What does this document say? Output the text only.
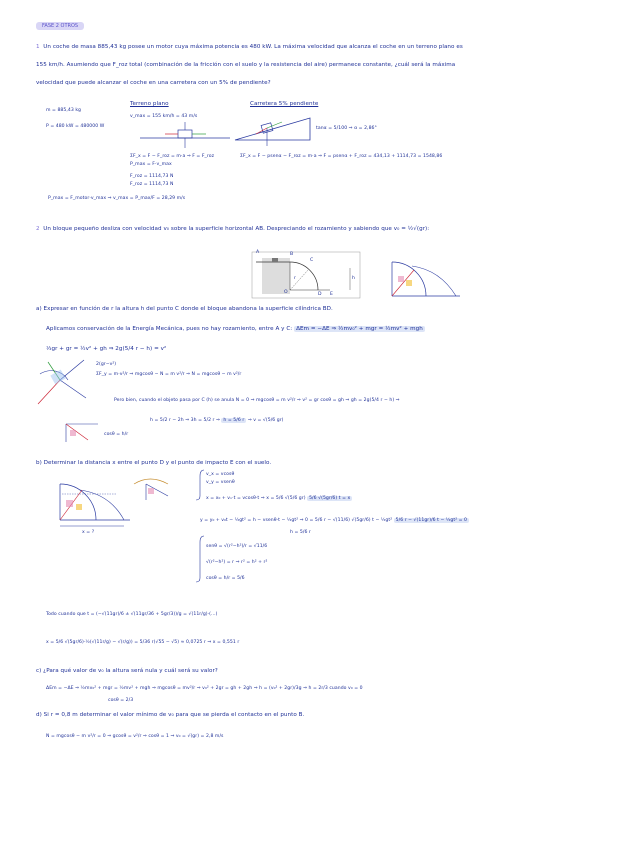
FASE 2 OTROS
1 Un coche de masa 885,43 kg posee un motor cuya máxima potencia es 480 kW. La máxima velocidad que alcanza el coche en un terreno plano es
155 km/h. Asumiendo que F_roz total (combinación de la fricción con el suelo y la resistencia del aire) permanece constante, ¿cuál será la máxima
velocidad que puede alcanzar el coche en una carretera con un 5% de pendiente?
m = 885,43 kg
P = 480 kW = 480000 W
Terreno plano	Carretera 5% pendiente
v_max = 155 km/h = 43 m/s
tanα = 5/100 ⇒ α = 2,86°
ΣF_x = F − F_roz = m·a ⇒ F = F_roz
P_max = F·v_max
F_roz = 1114,73 N
F_roz = 1114,73 N
ΣF_x = F − psenα − F_roz = m·a ⇒ F = psenα + F_roz = 434,13 + 1114,73 = 1548,86
P_max = F_motor·v_max ⇒ v_max = P_max/F = 28,29 m/s
2 Un bloque pequeño desliza con velocidad v₀ sobre la superficie horizontal AB. Despreciando el rozamiento y sabiendo que v₀ = ½√(gr):
A	B
C
O	D E
h
r
a) Expresar en función de r la altura h del punto C donde el bloque abandona la superficie cilíndrica BD.
Aplicamos conservación de la Energía Mecánica, pues no hay rozamiento, entre A y C: ΔEm = −ΔE ⇒ ½mv₀² + mgr = ½mv² + mgh
⅓gr + gr = ½v² + gh ⇒ 2g(5/4 r − h) = v²
2(gr−v²)
ΣF_y = m·v²/r ⇒ mgcosθ − N = m v²/r ⇒ N = mgcosθ − m v²/r
Pero bien, cuando el objeto pasa por C (h) se anula N = 0 ⇒ mgcosθ = m v²/r ⇒ v² = gr cosθ = gh ⇒ gh = 2g(5/4 r − h) ⇒
h = 5/2 r − 2h ⇒ 3h = 5/2 r ⇒ h = 5/6 r ⇒ v = √(5/6 gr)
cosθ = h/r
b) Determinar la distancia x entre el punto D y el punto de impacto E con el suelo.
x = ?
v_x = vcosθ
v_y = vsenθ
x = x₀ + vₓ·t = vcosθ·t ⇒ x = 5/6 √(5/6 gr) 5/6 √(5gr/6) t = x
y = y₀ + v₀t − ½gt² = h − vsenθ·t − ½gt² ⇒ 0 = 5/6 r − √(11/6) √(5gr/6) t − ½gt² 5/6 r − √(11gr)/6 t − ½gt² = 0
h = 5/6 r
senθ = √(r²−h²)/r = √11/6
√(r²−h²) = r ⇒ r² = h² + r²
cosθ = h/r = 5/6
Todo cuando que t = (−√(11gr)/6 ± √(11gr/36 + 5gr/3))/g = √(11r/g)·(…)
x = 5/6 √(5gr/6)·½(√(11r/g) − √(r/g)) = 5/36 r(√55 − √5) ≈ 0,0725 r ⇒ x = 0,551 r
c) ¿Para qué valor de v₀ la altura será nula y cuál será su valor?
ΔEm = −ΔE ⇒ ½mv₀² + mgr = ½mv² + mgh ⇒ mgcosθ = mv²/r ⇒ v₀² + 2gr = gh + 2gh ⇒ h = (v₀² + 2gr)/3g ⇒ h = 2r/3 cuando v₀ = 0
cosθ = 2/3
d) Si r = 0,8 m determinar el valor mínimo de v₀ para que se pierda el contacto en el punto B.
N = mgcosθ − m v²/r = 0 ⇒ gcosθ = v²/r ⇒ cosθ = 1 ⇒ v₀ = √(gr) = 2,8 m/s
